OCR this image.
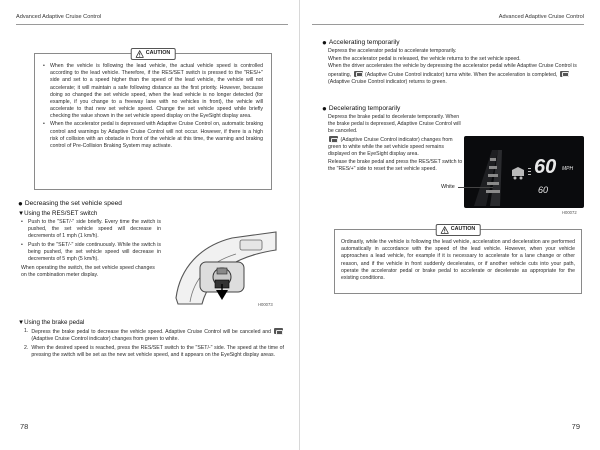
Advanced Adaptive Cruise Control
CAUTION
• When the vehicle is following the lead vehicle, the actual vehicle speed is controlled according to the lead vehicle. Therefore, if the RES/SET switch is pressed to the "RES/+" side and set to a speed higher than the speed of the lead vehicle, the vehicle will not accelerate; it will maintain a safe following distance as the first priority. However, because doing so changed the set vehicle speed, when the lead vehicle is no longer detected (for example, if you change to a freeway lane with no vehicles in front), the vehicle will accelerate to that new set vehicle speed. Change the set vehicle speed while briefly checking the value shown in the set vehicle speed display on the EyeSight display area.

• When the accelerator pedal is depressed with Adaptive Cruise Control on, automatic braking control and warnings by Adaptive Cruise Control will not occur. However, if there is a high risk of collision with an obstacle in front of the vehicle at this time, the warning and braking control of Pre-Collision Braking System may activate.

● Decreasing the set vehicle speed
▼Using the RES/SET switch
• Push to the "SET/-" side briefly. Every time the switch is pushed, the set vehicle speed will decrease in decrements of 1 mph (1 km/h).

• Push to the "SET/-" side continuously. While the switch is being pushed, the set vehicle speed will decrease in decrements of 5 mph (5 km/h).

When operating the switch, the set vehicle speed changes on the combination meter display.

H00073
▼Using the brake pedal
1. Depress the brake pedal to decrease the vehicle speed. Adaptive Cruise Control will be canceled and  (Adaptive Cruise Control indicator) changes from green to white.

2. When the desired speed is reached, press the RES/SET switch to the "SET/-" side. The speed at the time of pressing the switch will be set as the new set vehicle speed, and it appears on the EyeSight display areas.

78
Advanced Adaptive Cruise Control
● Accelerating temporarily

Depress the accelerator pedal to accelerate temporarily.

When the accelerator pedal is released, the vehicle returns to the set vehicle speed.

When the driver accelerates the vehicle by depressing the accelerator pedal while Adaptive Cruise Control is operating,	(Adaptive Cruise Control indicator) turns white. When the acceleration is completed,  (Adaptive Cruise Control indicator) returns to green.

● Decelerating temporarily

Depress the brake pedal to decelerate temporarily. When the brake pedal is depressed, Adaptive Cruise Control will be canceled.

(Adaptive Cruise Control indicator) changes from green to white while the set vehicle speed remains displayed on the EyeSight display area.

Release the brake pedal and press the RES/SET switch to the "RES/+" side to reset the set vehicle speed.	60 MPH
60
White
H00072
CAUTION

Ordinarily, while the vehicle is following the lead vehicle, acceleration and deceleration are performed automatically in accordance with the speed of the lead vehicle. However, when your vehicle approaches a lead vehicle, for example if it is necessary to accelerate for a lane change or other reason, and if the vehicle in front suddenly decelerates, or if another vehicle cuts into your path, operate the accelerator pedal or brake pedal to accelerate or decelerate as appropriate for the existing conditions.

79
